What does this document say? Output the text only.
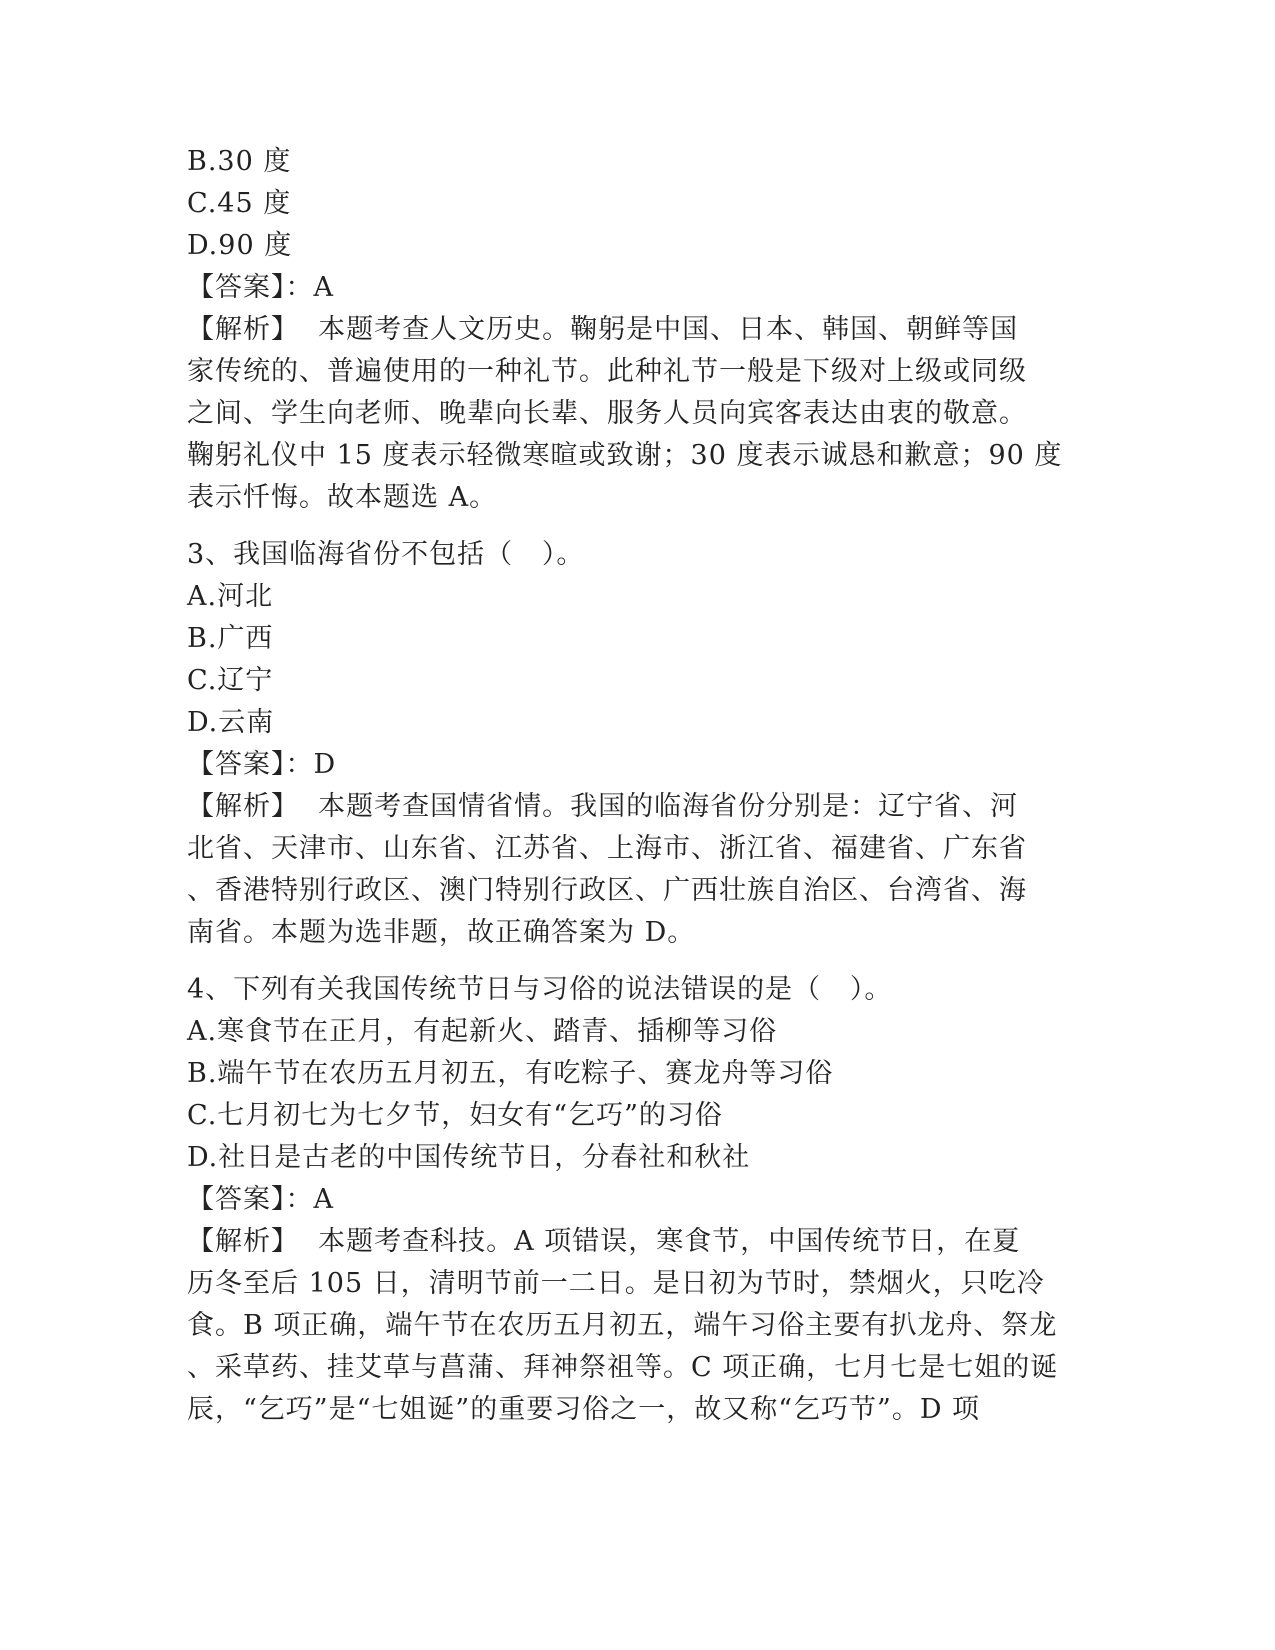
B.30 度
C.45 度
D.90 度
【答案】：A
【解析】  本题考查人文历史。鞠躬是中国、日本、韩国、朝鲜等国
家传统的、普遍使用的一种礼节。此种礼节一般是下级对上级或同级
之间、学生向老师、晚辈向长辈、服务人员向宾客表达由衷的敬意。
鞠躬礼仪中 15 度表示轻微寒暄或致谢；30 度表示诚恳和歉意；90 度
表示忏悔。故本题选 A。
3、我国临海省份不包括（   ）。
A.河北
B.广西
C.辽宁
D.云南
【答案】：D
【解析】  本题考查国情省情。我国的临海省份分别是：辽宁省、河
北省、天津市、山东省、江苏省、上海市、浙江省、福建省、广东省
、香港特别行政区、澳门特别行政区、广西壮族自治区、台湾省、海
南省。本题为选非题，故正确答案为 D。
4、下列有关我国传统节日与习俗的说法错误的是（   ）。
A.寒食节在正月，有起新火、踏青、插柳等习俗
B.端午节在农历五月初五，有吃粽子、赛龙舟等习俗
C.七月初七为七夕节，妇女有“乞巧”的习俗
D.社日是古老的中国传统节日，分春社和秋社
【答案】：A
【解析】  本题考查科技。A 项错误，寒食节，中国传统节日，在夏
历冬至后 105 日，清明节前一二日。是日初为节时，禁烟火，只吃冷
食。B 项正确，端午节在农历五月初五，端午习俗主要有扒龙舟、祭龙
、采草药、挂艾草与菖蒲、拜神祭祖等。C 项正确，七月七是七姐的诞
辰，“乞巧”是“七姐诞”的重要习俗之一，故又称“乞巧节”。D 项
